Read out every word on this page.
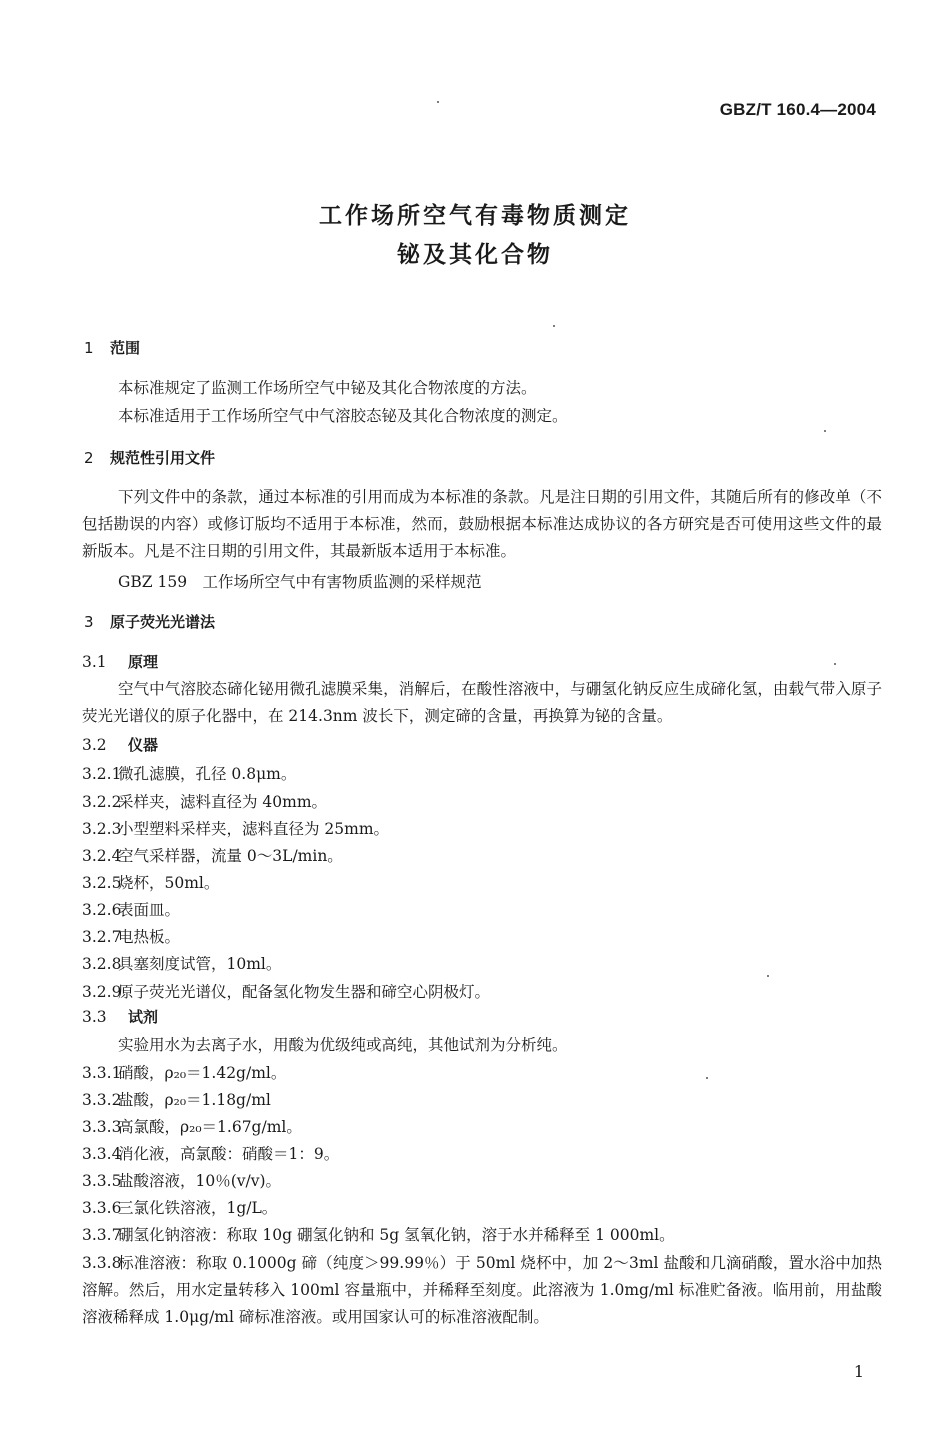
GBZ/T 160.4—2004
工作场所空气有毒物质测定
铋及其化合物
1 范围
本标准规定了监测工作场所空气中铋及其化合物浓度的方法。
本标准适用于工作场所空气中气溶胶态铋及其化合物浓度的测定。
2 规范性引用文件
下列文件中的条款，通过本标准的引用而成为本标准的条款。凡是注日期的引用文件，其随后所有的修改单（不包括勘误的内容）或修订版均不适用于本标准，然而，鼓励根据本标准达成协议的各方研究是否可使用这些文件的最新版本。凡是不注日期的引用文件，其最新版本适用于本标准。
GBZ 159　工作场所空气中有害物质监测的采样规范
3 原子荧光光谱法
3.1 原理
空气中气溶胶态碲化铋用微孔滤膜采集，消解后，在酸性溶液中，与硼氢化钠反应生成碲化氢，由载气带入原子荧光光谱仪的原子化器中，在 214.3nm 波长下，测定碲的含量，再换算为铋的含量。
3.2 仪器
3.2.1微孔滤膜，孔径 0.8μm。
3.2.2采样夹，滤料直径为 40mm。
3.2.3小型塑料采样夹，滤料直径为 25mm。
3.2.4空气采样器，流量 0～3L/min。
3.2.5烧杯，50ml。
3.2.6表面皿。
3.2.7电热板。
3.2.8具塞刻度试管，10ml。
3.2.9原子荧光光谱仪，配备氢化物发生器和碲空心阴极灯。
3.3 试剂
实验用水为去离子水，用酸为优级纯或高纯，其他试剂为分析纯。
3.3.1硝酸，ρ₂₀＝1.42g/ml。
3.3.2盐酸，ρ₂₀＝1.18g/ml
3.3.3高氯酸，ρ₂₀＝1.67g/ml。
3.3.4消化液，高氯酸：硝酸＝1：9。
3.3.5盐酸溶液，10％(v/v)。
3.3.6三氯化铁溶液，1g/L。
3.3.7硼氢化钠溶液：称取 10g 硼氢化钠和 5g 氢氧化钠，溶于水并稀释至 1 000ml。
3.3.8标准溶液：称取 0.1000g 碲（纯度＞99.99％）于 50ml 烧杯中，加 2～3ml 盐酸和几滴硝酸，置水浴中加热溶解。然后，用水定量转移入 100ml 容量瓶中，并稀释至刻度。此溶液为 1.0mg/ml 标准贮备液。临用前，用盐酸溶液稀释成 1.0μg/ml 碲标准溶液。或用国家认可的标准溶液配制。
1
